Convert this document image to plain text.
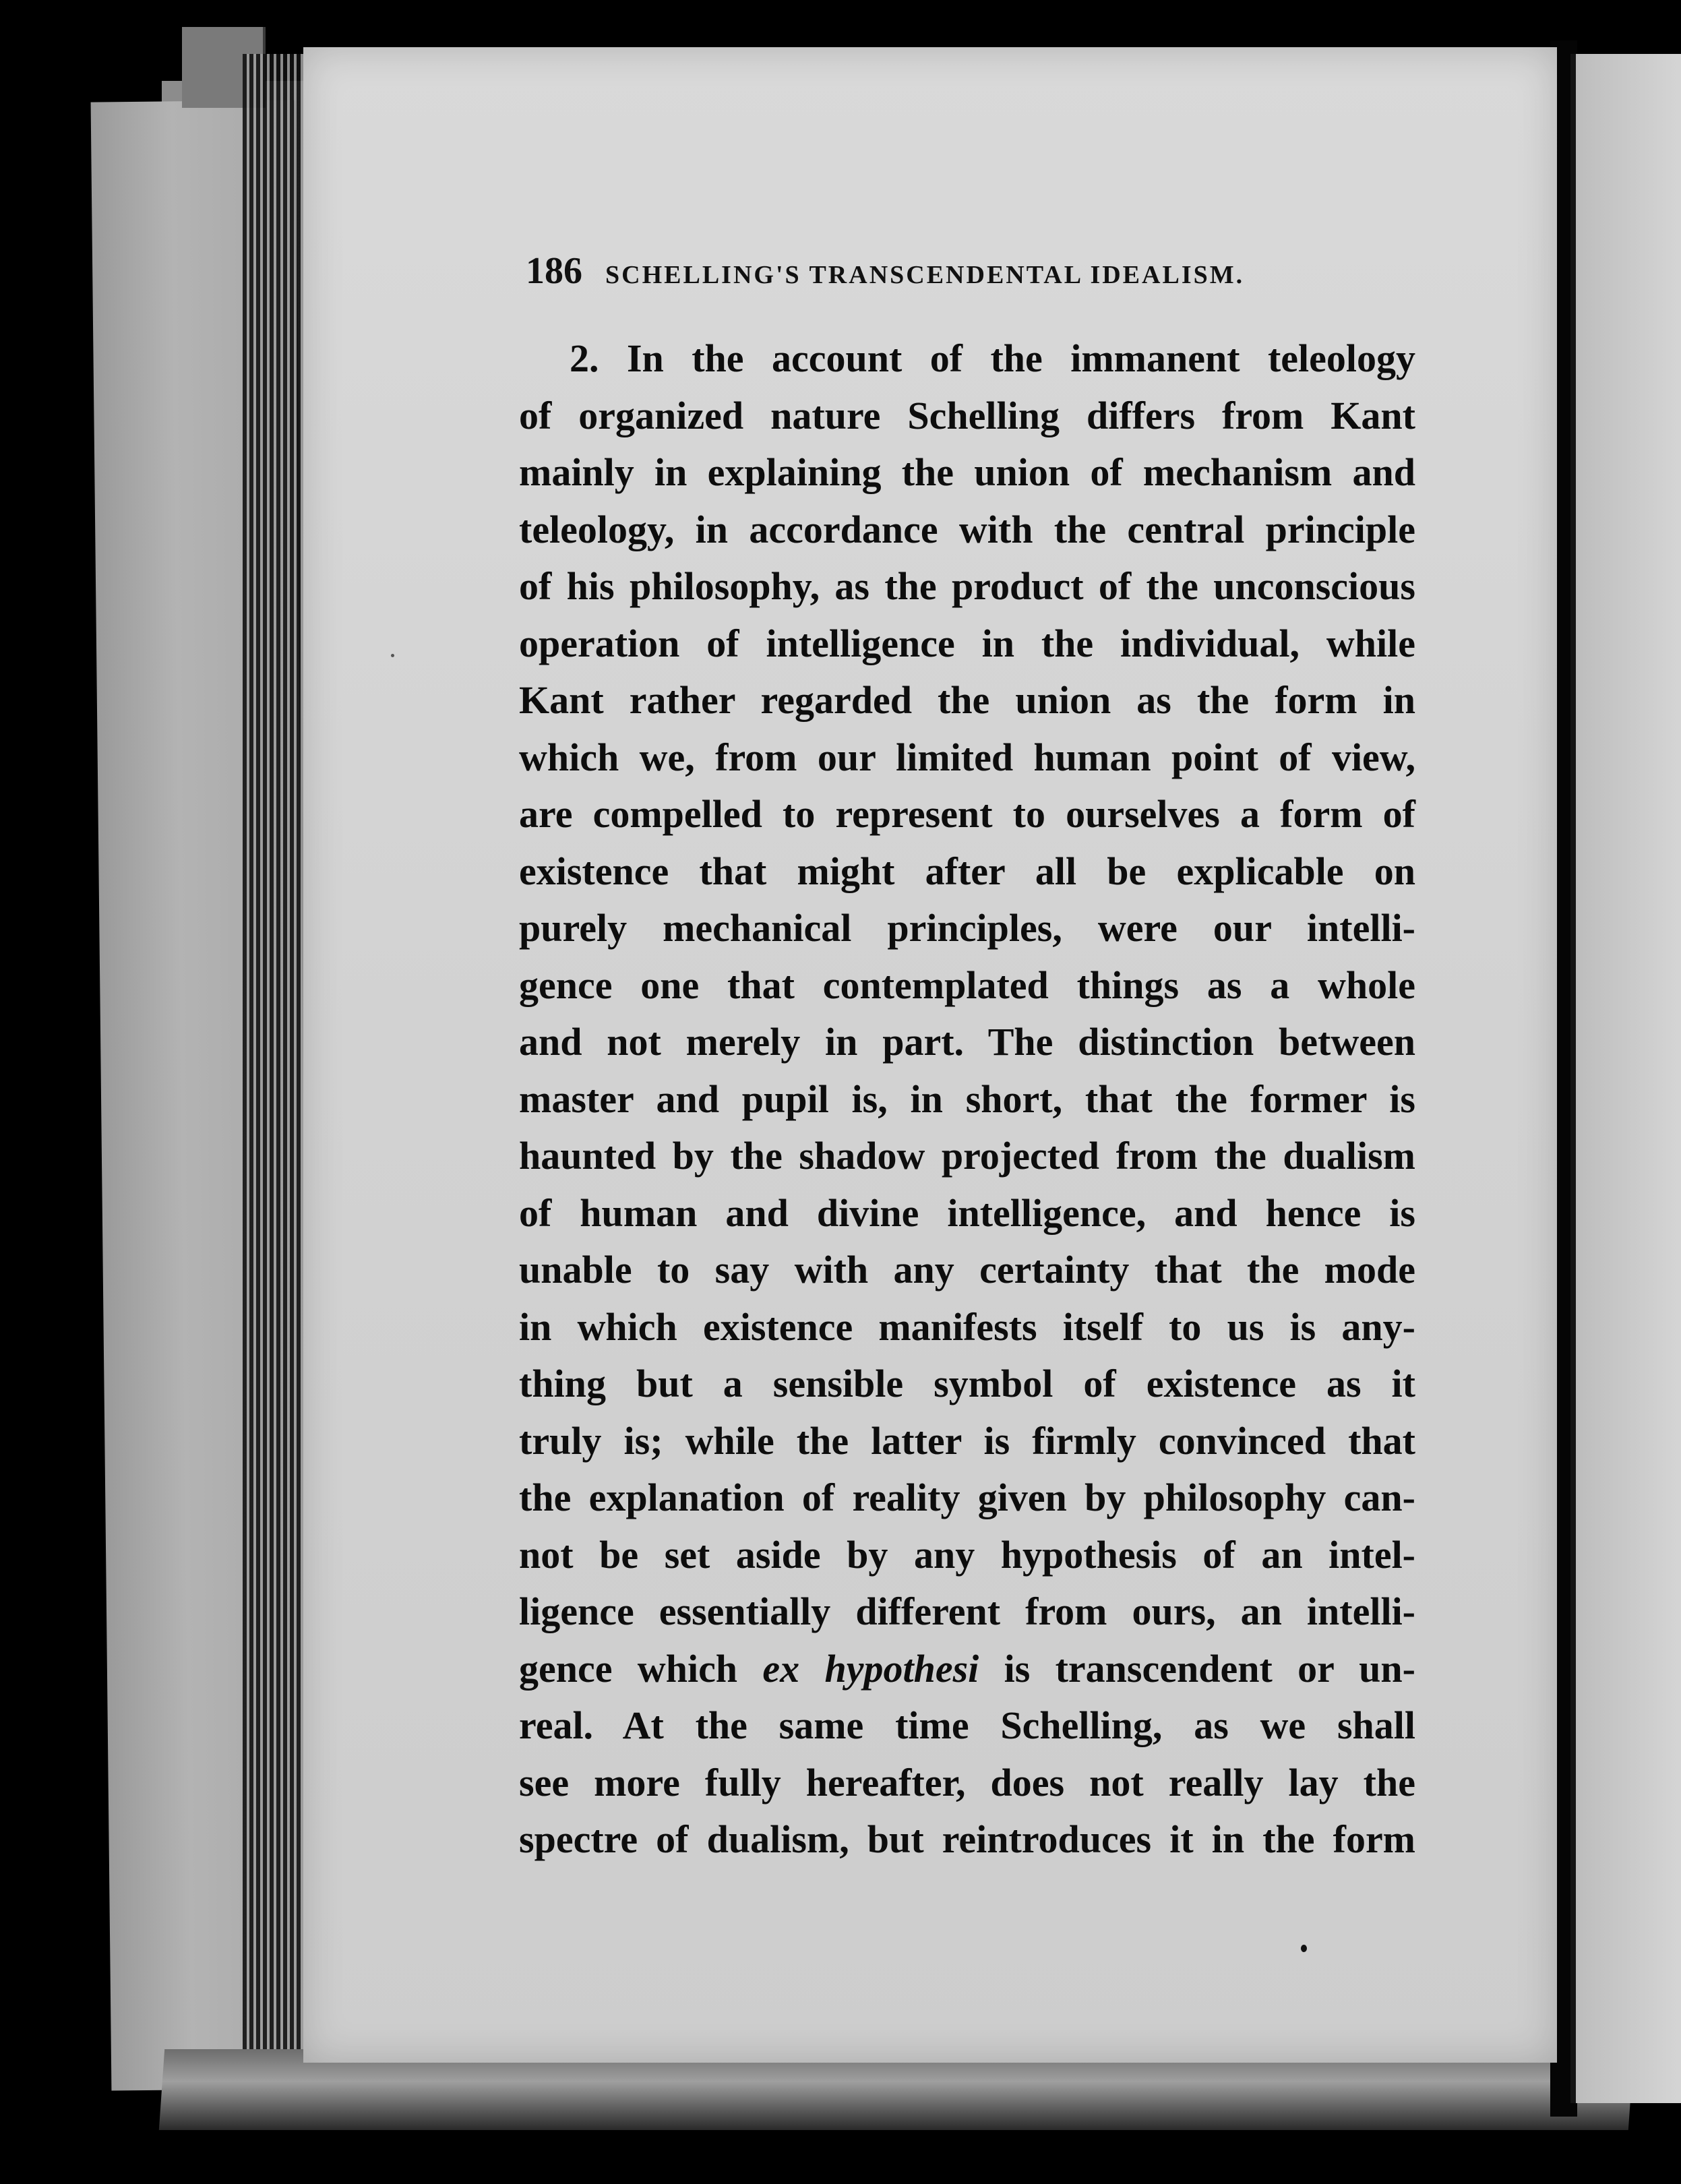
186 SCHELLING'S TRANSCENDENTAL IDEALISM.
2. In the account of the immanent teleology
of organized nature Schelling differs from Kant
mainly in explaining the union of mechanism and
teleology, in accordance with the central principle
of his philosophy, as the product of the unconscious
operation of intelligence in the individual, while
Kant rather regarded the union as the form in
which we, from our limited human point of view,
are compelled to represent to ourselves a form of
existence that might after all be explicable on
purely mechanical principles, were our intelli-
gence one that contemplated things as a whole
and not merely in part. The distinction between
master and pupil is, in short, that the former is
haunted by the shadow projected from the dualism
of human and divine intelligence, and hence is
unable to say with any certainty that the mode
in which existence manifests itself to us is any-
thing but a sensible symbol of existence as it
truly is; while the latter is firmly convinced that
the explanation of reality given by philosophy can-
not be set aside by any hypothesis of an intel-
ligence essentially different from ours, an intelli-
gence which ex hypothesi is transcendent or un-
real. At the same time Schelling, as we shall
see more fully hereafter, does not really lay the
spectre of dualism, but reintroduces it in the form
